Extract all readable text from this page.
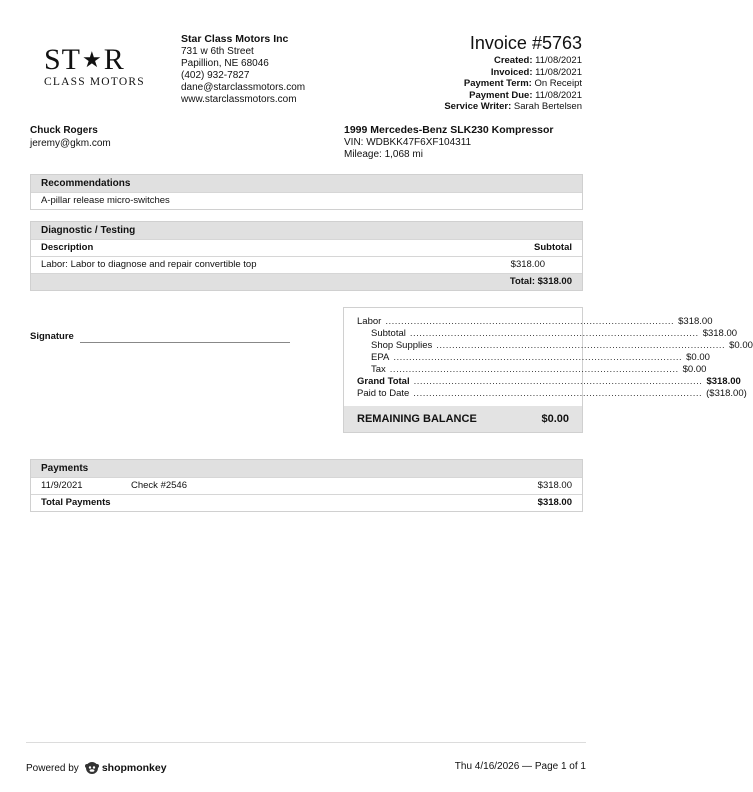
ST ★ R
CLASS MOTORS
Star Class Motors Inc
731 w 6th Street
Papillion, NE 68046
(402) 932-7827
dane@starclassmotors.com
www.starclassmotors.com
Invoice #5763
Created: 11/08/2021
Invoiced: 11/08/2021
Payment Term: On Receipt
Payment Due: 11/08/2021
Service Writer: Sarah Bertelsen
Chuck Rogers
jeremy@gkm.com
1999 Mercedes-Benz SLK230 Kompressor
VIN: WDBKK47F6XF104311
Mileage: 1,068 mi
Recommendations
A-pillar release micro-switches
Diagnostic / Testing
Description	Subtotal
Labor: Labor to diagnose and repair convertible top	$318.00
Total: $318.00
Signature
Labor ............................................................................................ $318.00
Subtotal ............................................................................................ $318.00
Shop Supplies ............................................................................................ $0.00
EPA ............................................................................................ $0.00
Tax ............................................................................................ $0.00
Grand Total ............................................................................................ $318.00
Paid to Date ............................................................................................ ($318.00)
REMAINING BALANCE	$0.00
Payments
11/9/2021	Check #2546	$318.00
Total Payments	$318.00
Powered by shopmonkey	Thu 4/16/2026 — Page 1 of 1
